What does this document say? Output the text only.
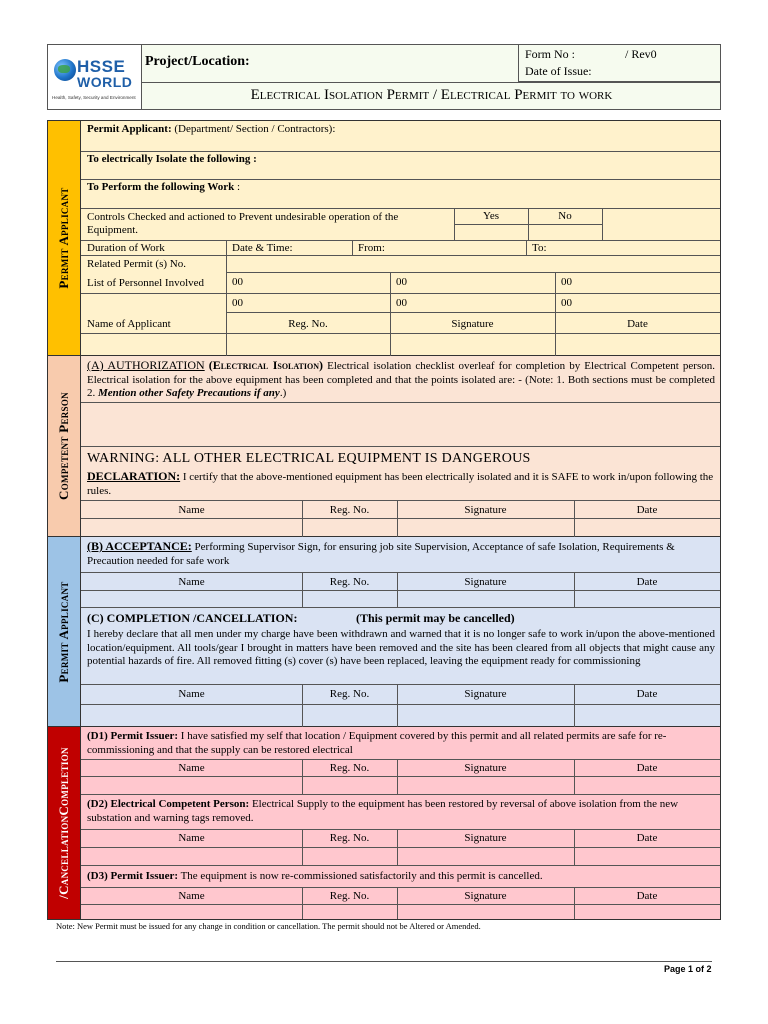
HSSE
WORLD
Health, Safety, Security and Environment
Project/Location:	Form No :	/ Rev0
Date of Issue:
Electrical Isolation Permit / Electrical Permit to work
Permit Applicant
Competent Person
Permit Applicant
/CancellationCompletion
Permit Applicant: (Department/ Section / Contractors):
To electrically Isolate the following :
To Perform the following Work :
Controls Checked and actioned to Prevent undesirable operation of the Equipment.
Yes	No
Duration of Work	Date & Time:	From:	To:
Related Permit (s) No.
List of Personnel Involved	00	00	00
00	00	00
Name of Applicant	Reg. No.	Signature	Date
(A) AUTHORIZATION (Electrical Isolation) Electrical isolation checklist overleaf for completion by Electrical Competent person. Electrical isolation for the above equipment has been completed and that the points isolated are: - (Note: 1. Both sections must be completed 2. Mention other Safety Precautions if any.)
WARNING: ALL OTHER ELECTRICAL EQUIPMENT IS DANGEROUS
DECLARATION: I certify that the above-mentioned equipment has been electrically isolated and it is SAFE to work in/upon following the rules.
Name	Reg. No.	Signature	Date
(B) ACCEPTANCE: Performing Supervisor Sign, for ensuring job site Supervision, Acceptance of safe Isolation, Requirements & Precaution needed for safe work
Name	Reg. No.	Signature	Date
(C) COMPLETION /CANCELLATION:	(This permit may be cancelled)
I hereby declare that all men under my charge have been withdrawn and warned that it is no longer safe to work in/upon the above-mentioned location/equipment. All tools/gear I brought in matters have been removed and the site has been cleared from all objects that might cause any potential hazards of fire. All removed fitting (s) cover (s) have been replaced, leaving the equipment ready for commissioning
Name	Reg. No.	Signature	Date
(D1) Permit Issuer: I have satisfied my self that location / Equipment covered by this permit and all related permits are safe for re-commissioning and that the supply can be restored electrical
Name	Reg. No.	Signature	Date
(D2) Electrical Competent Person: Electrical Supply to the equipment has been restored by reversal of above isolation from the new substation and warning tags removed.
Name	Reg. No.	Signature	Date
(D3) Permit Issuer: The equipment is now re-commissioned satisfactorily and this permit is cancelled.
Name	Reg. No.	Signature	Date
Note: New Permit must be issued for any change in condition or cancellation. The permit should not be Altered or Amended.
Page 1 of 2
